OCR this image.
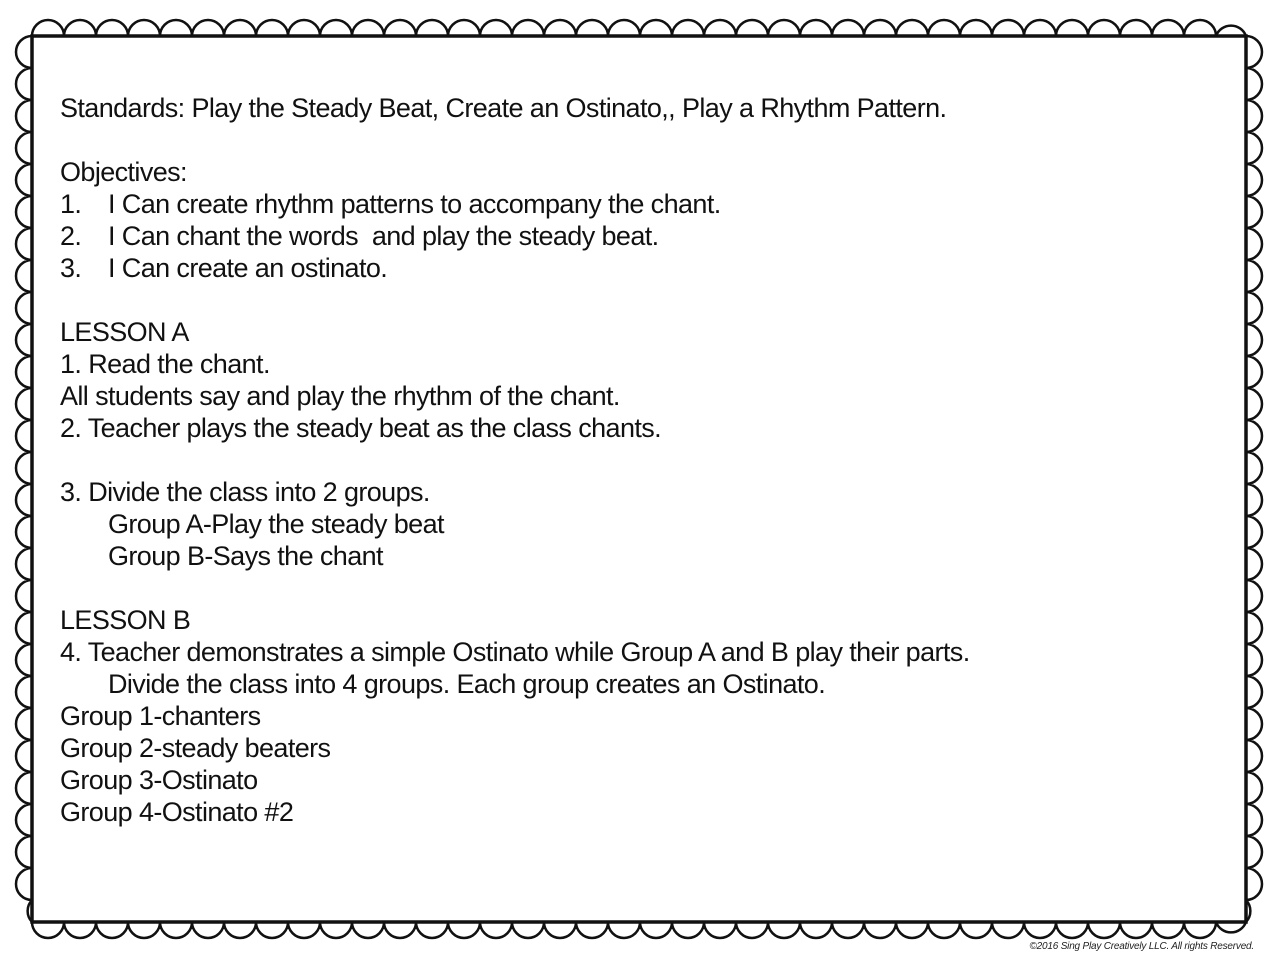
Standards: Play the Steady Beat, Create an Ostinato,, Play a Rhythm Pattern.
Objectives:
1. I Can create rhythm patterns to accompany the chant.
2. I Can chant the words  and play the steady beat.
3. I Can create an ostinato.
LESSON A
1. Read the chant.
All students say and play the rhythm of the chant.
2. Teacher plays the steady beat as the class chants.
3. Divide the class into 2 groups.
Group A-Play the steady beat
Group B-Says the chant
LESSON B
4. Teacher demonstrates a simple Ostinato while Group A and B play their parts.
Divide the class into 4 groups. Each group creates an Ostinato.
Group 1-chanters
Group 2-steady beaters
Group 3-Ostinato
Group 4-Ostinato #2
©2016 Sing Play Creatively LLC. All rights Reserved.
